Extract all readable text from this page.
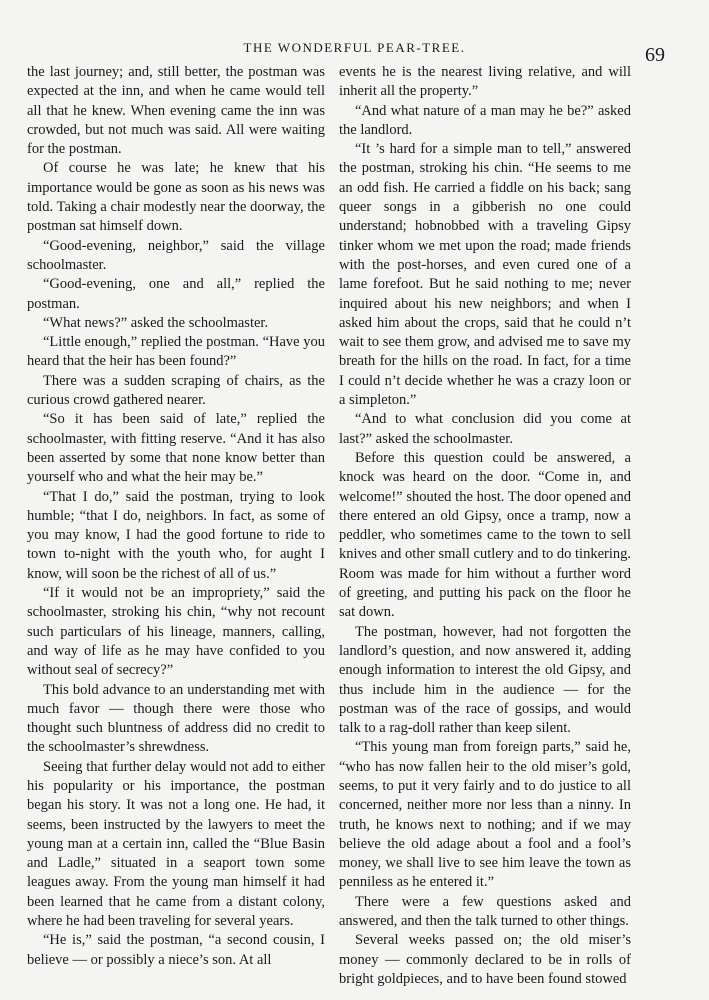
THE WONDERFUL PEAR-TREE.	69

the last journey; and, still better, the postman was expected at the inn, and when he came would tell all that he knew. When evening came the inn was crowded, but not much was said. All were waiting for the postman.

Of course he was late; he knew that his importance would be gone as soon as his news was told. Taking a chair modestly near the doorway, the postman sat himself down.

“Good-evening, neighbor,” said the village schoolmaster.

“Good-evening, one and all,” replied the postman.

“What news?” asked the schoolmaster.

“Little enough,” replied the postman. “Have you heard that the heir has been found?”

There was a sudden scraping of chairs, as the curious crowd gathered nearer.

“So it has been said of late,” replied the schoolmaster, with fitting reserve. “And it has also been asserted by some that none know better than yourself who and what the heir may be.”

“That I do,” said the postman, trying to look humble; “that I do, neighbors. In fact, as some of you may know, I had the good fortune to ride to town to-night with the youth who, for aught I know, will soon be the richest of all of us.”

“If it would not be an impropriety,” said the schoolmaster, stroking his chin, “why not recount such particulars of his lineage, manners, calling, and way of life as he may have confided to you without seal of secrecy?”

This bold advance to an understanding met with much favor — though there were those who thought such bluntness of address did no credit to the schoolmaster’s shrewdness.

Seeing that further delay would not add to either his popularity or his importance, the postman began his story. It was not a long one. He had, it seems, been instructed by the lawyers to meet the young man at a certain inn, called the “Blue Basin and Ladle,” situated in a seaport town some leagues away. From the young man himself it had been learned that he came from a distant colony, where he had been traveling for several years.

“He is,” said the postman, “a second cousin, I believe — or possibly a niece’s son. At all

events he is the nearest living relative, and will inherit all the property.”

“And what nature of a man may he be?” asked the landlord.

“It ’s hard for a simple man to tell,” answered the postman, stroking his chin. “He seems to me an odd fish. He carried a fiddle on his back; sang queer songs in a gibberish no one could understand; hobnobbed with a traveling Gipsy tinker whom we met upon the road; made friends with the post-horses, and even cured one of a lame forefoot. But he said nothing to me; never inquired about his new neighbors; and when I asked him about the crops, said that he could n’t wait to see them grow, and advised me to save my breath for the hills on the road. In fact, for a time I could n’t decide whether he was a crazy loon or a simpleton.”

“And to what conclusion did you come at last?” asked the schoolmaster.

Before this question could be answered, a knock was heard on the door. “Come in, and welcome!” shouted the host. The door opened and there entered an old Gipsy, once a tramp, now a peddler, who sometimes came to the town to sell knives and other small cutlery and to do tinkering. Room was made for him without a further word of greeting, and putting his pack on the floor he sat down.

The postman, however, had not forgotten the landlord’s question, and now answered it, adding enough information to interest the old Gipsy, and thus include him in the audience — for the postman was of the race of gossips, and would talk to a rag-doll rather than keep silent.

“This young man from foreign parts,” said he, “who has now fallen heir to the old miser’s gold, seems, to put it very fairly and to do justice to all concerned, neither more nor less than a ninny. In truth, he knows next to nothing; and if we may believe the old adage about a fool and a fool’s money, we shall live to see him leave the town as penniless as he entered it.”

There were a few questions asked and answered, and then the talk turned to other things.

Several weeks passed on; the old miser’s money — commonly declared to be in rolls of bright goldpieces, and to have been found stowed
